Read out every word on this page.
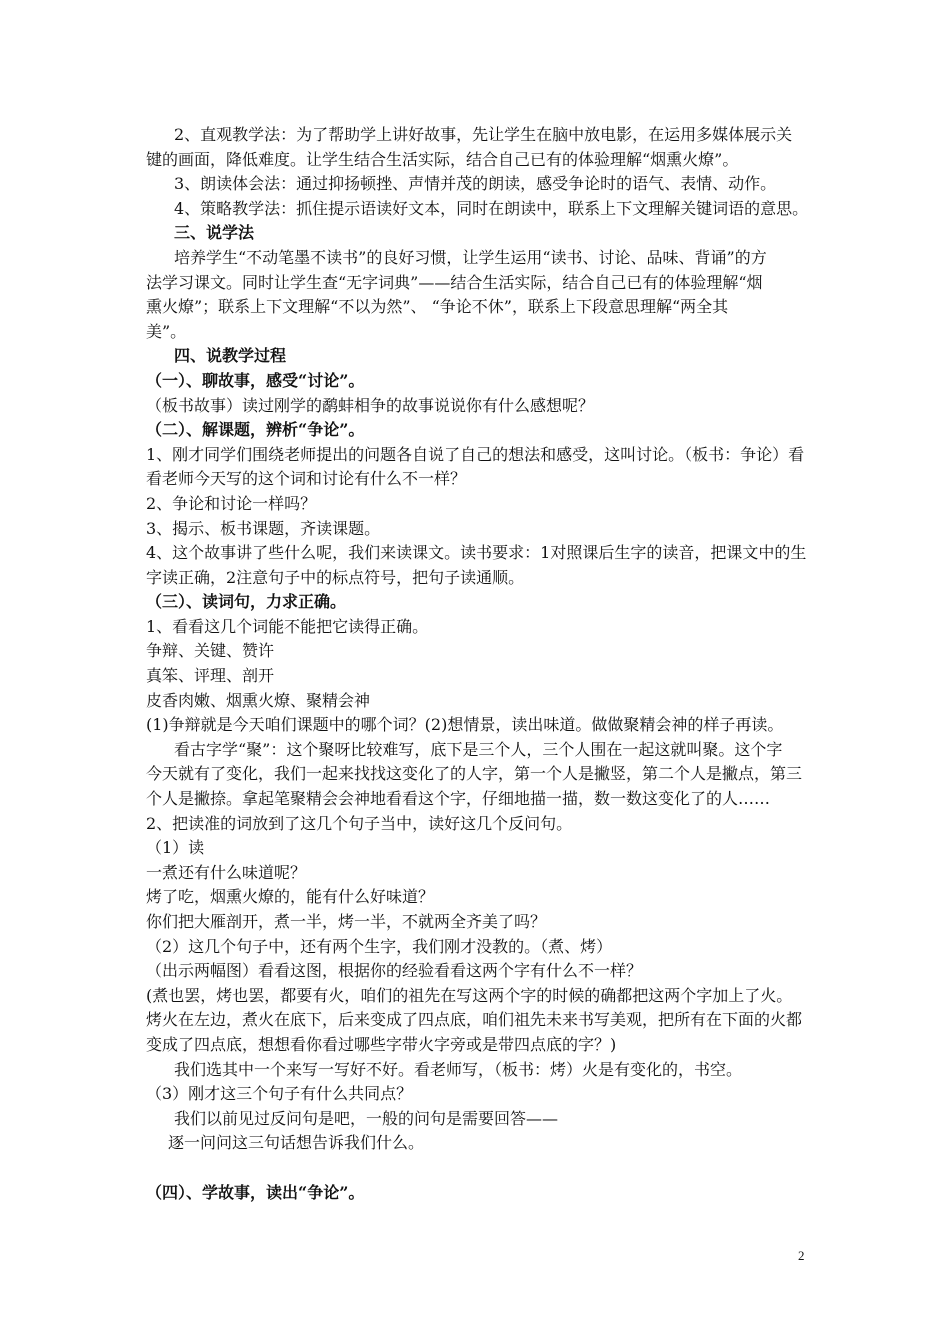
2、直观教学法：为了帮助学上讲好故事，先让学生在脑中放电影，在运用多媒体展示关
键的画面，降低难度。让学生结合生活实际，结合自己已有的体验理解“烟熏火燎”。
3、朗读体会法：通过抑扬顿挫、声情并茂的朗读，感受争论时的语气、表情、动作。
4、策略教学法：抓住提示语读好文本，同时在朗读中，联系上下文理解关键词语的意思。
三、说学法
培养学生“不动笔墨不读书”的良好习惯，让学生运用“读书、讨论、品味、背诵”的方
法学习课文。同时让学生查“无字词典”——结合生活实际，结合自己已有的体验理解“烟
熏火燎”；联系上下文理解“不以为然”、 “争论不休”，联系上下段意思理解“两全其
美”。
四、说教学过程
（一）、聊故事，感受“讨论”。
（板书故事）读过刚学的鹬蚌相争的故事说说你有什么感想呢？
（二）、解课题，辨析“争论”。
1、刚才同学们围绕老师提出的问题各自说了自己的想法和感受，这叫讨论。（板书：争论）看
看老师今天写的这个词和讨论有什么不一样？
2、争论和讨论一样吗？
3、揭示、板书课题，齐读课题。
4、这个故事讲了些什么呢，我们来读课文。读书要求：1对照课后生字的读音，把课文中的生
字读正确，2注意句子中的标点符号，把句子读通顺。
（三）、读词句，力求正确。
1、看看这几个词能不能把它读得正确。
争辩、关键、赞许
真笨、评理、剖开
皮香肉嫩、烟熏火燎、聚精会神
(1)争辩就是今天咱们课题中的哪个词？(2)想情景，读出味道。做做聚精会神的样子再读。
看古字学“聚”：这个聚呀比较难写，底下是三个人，三个人围在一起这就叫聚。这个字
今天就有了变化，我们一起来找找这变化了的人字，第一个人是撇竖，第二个人是撇点，第三
个人是撇捺。拿起笔聚精会会神地看看这个字，仔细地描一描，数一数这变化了的人……
2、把读准的词放到了这几个句子当中，读好这几个反问句。
（1）读
一煮还有什么味道呢？
烤了吃，烟熏火燎的，能有什么好味道？
你们把大雁剖开，煮一半，烤一半，不就两全齐美了吗？
（2）这几个句子中，还有两个生字，我们刚才没教的。（煮、烤）
（出示两幅图）看看这图，根据你的经验看看这两个字有什么不一样？
(煮也罢，烤也罢，都要有火，咱们的祖先在写这两个字的时候的确都把这两个字加上了火。
烤火在左边，煮火在底下，后来变成了四点底，咱们祖先未来书写美观，把所有在下面的火都
变成了四点底，想想看你看过哪些字带火字旁或是带四点底的字？)
我们选其中一个来写一写好不好。看老师写，（板书：烤）火是有变化的，书空。
（3）刚才这三个句子有什么共同点？
我们以前见过反问句是吧，一般的问句是需要回答——
逐一问问这三句话想告诉我们什么。
（四）、学故事，读出“争论”。
2
